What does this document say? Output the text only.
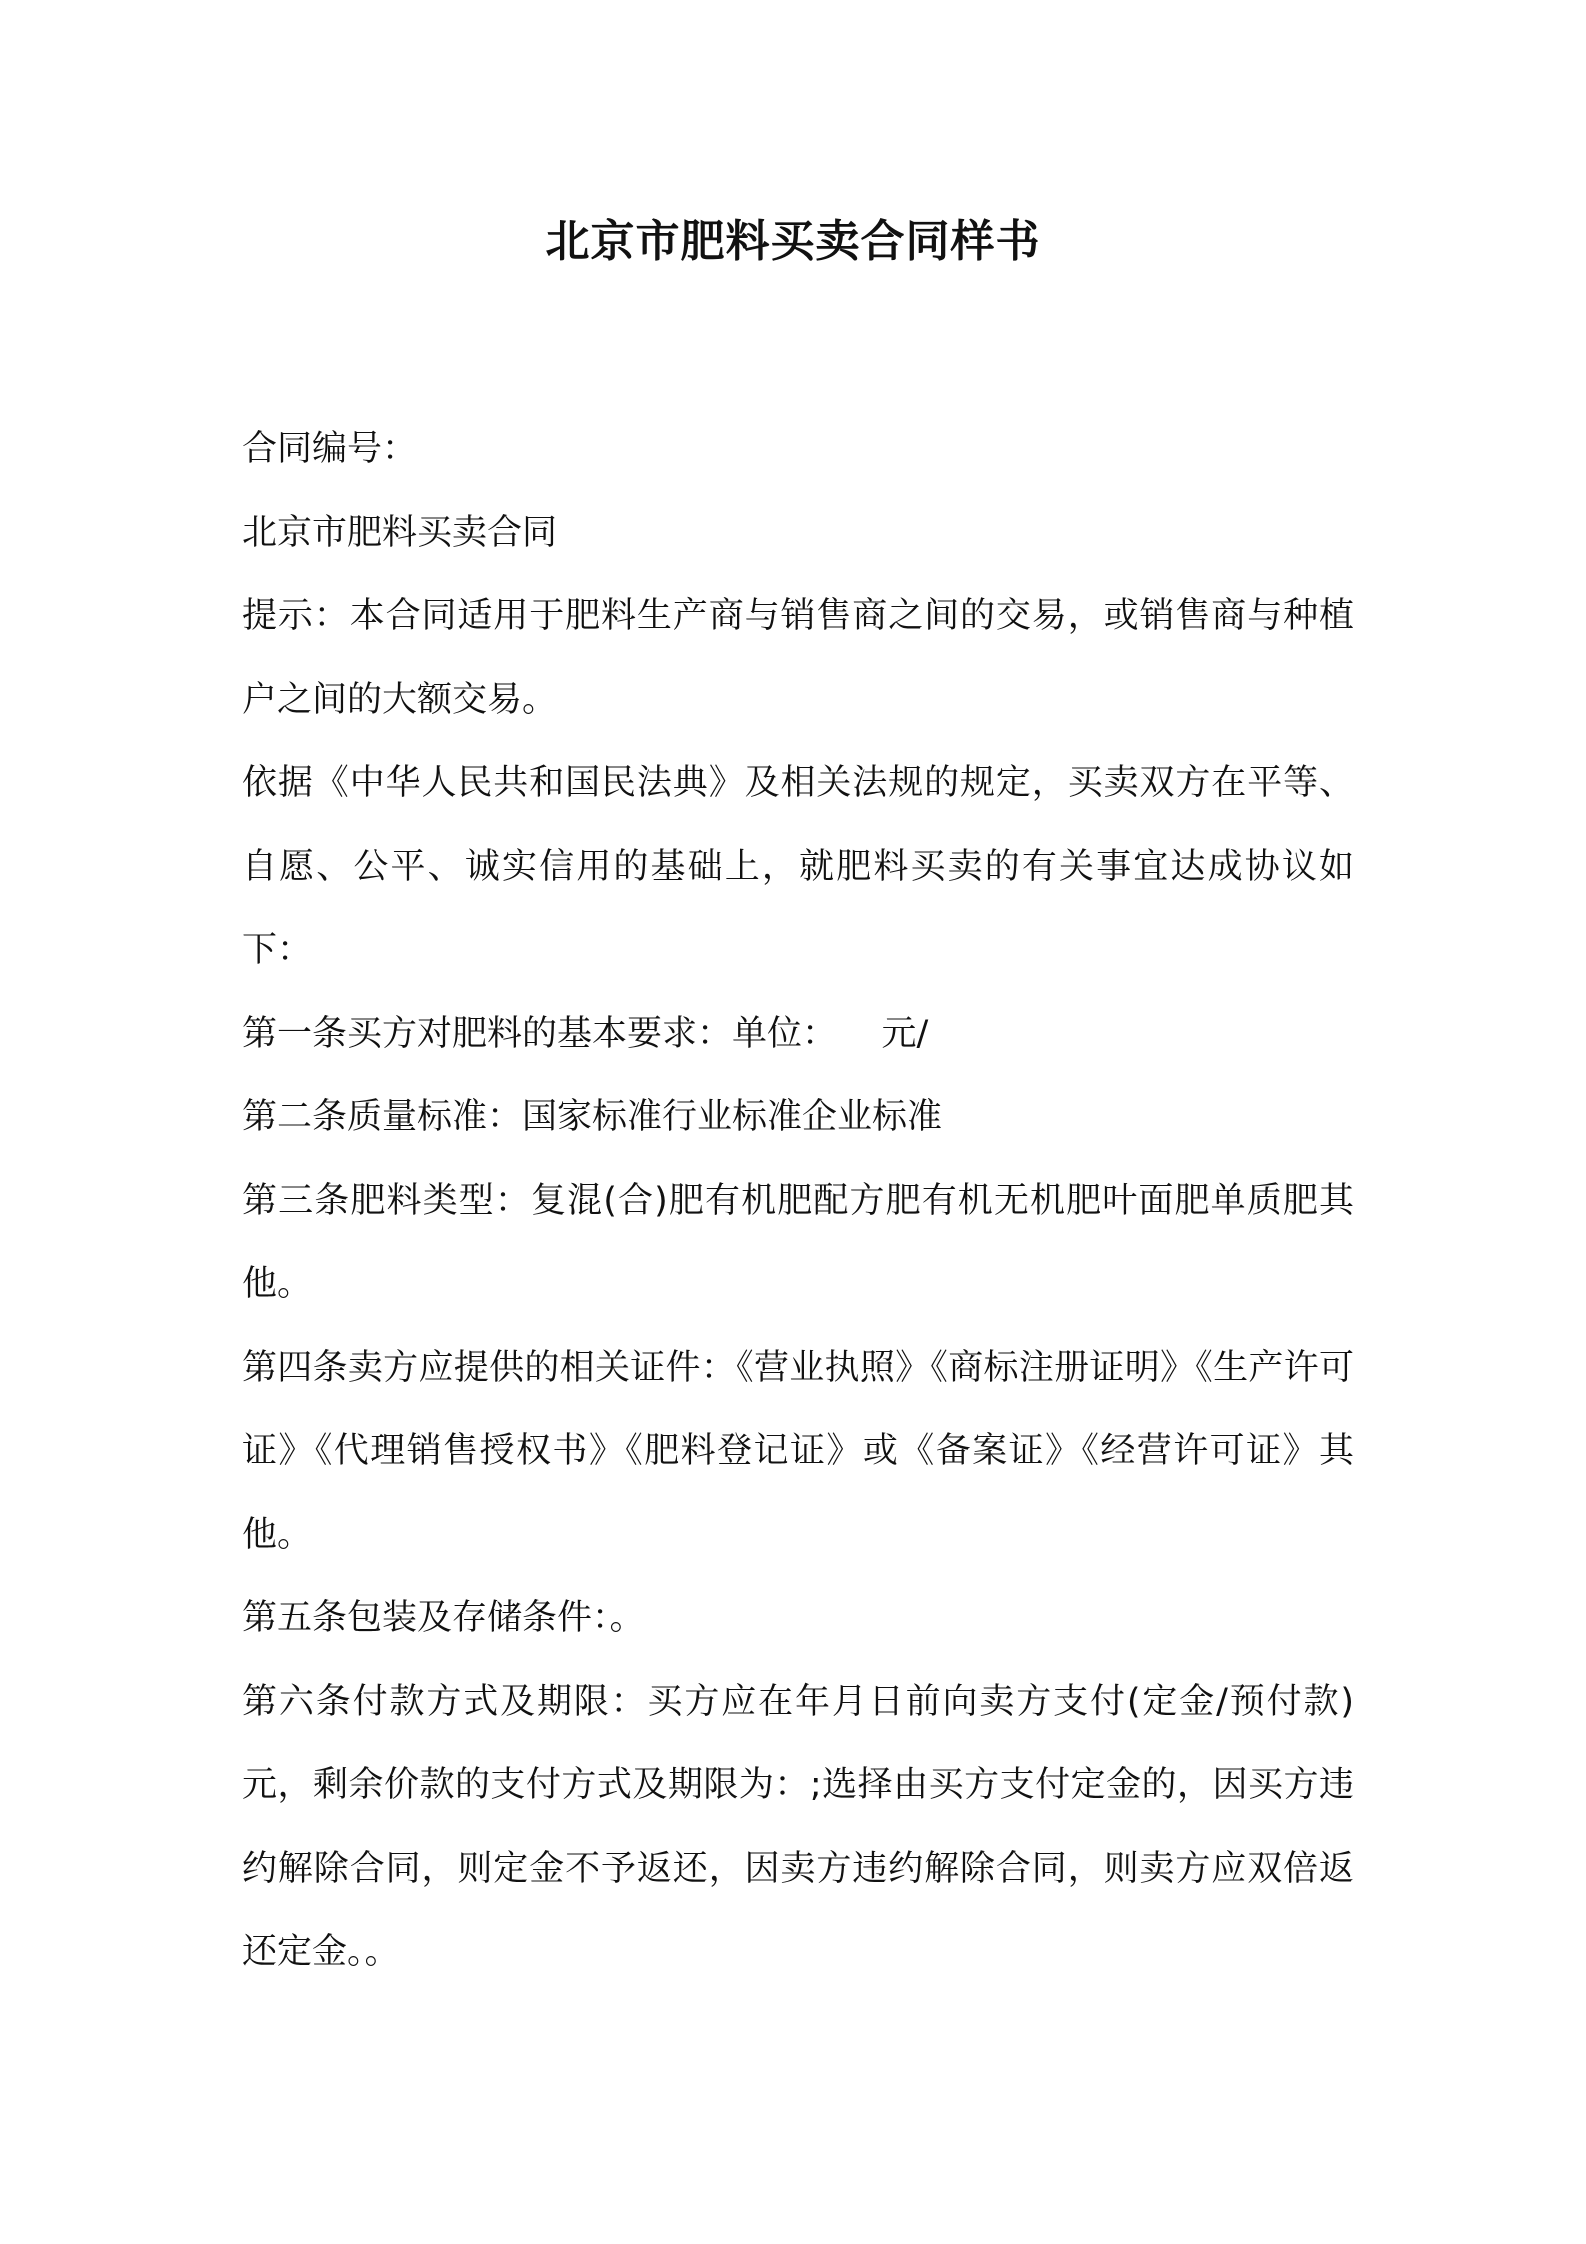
北京市肥料买卖合同样书

合同编号：

北京市肥料买卖合同

提示：本合同适用于肥料生产商与销售商之间的交易，或销售商与种植户之间的大额交易。

依据《中华人民共和国民法典》及相关法规的规定，买卖双方在平等、自愿、公平、诚实信用的基础上，就肥料买卖的有关事宜达成协议如下：

第一条买方对肥料的基本要求：单位：    元/

第二条质量标准：国家标准行业标准企业标准

第三条肥料类型：复混(合)肥有机肥配方肥有机无机肥叶面肥单质肥其他。

第四条卖方应提供的相关证件：《营业执照》《商标注册证明》《生产许可证》《代理销售授权书》《肥料登记证》或《备案证》《经营许可证》其他。

第五条包装及存储条件：。

第六条付款方式及期限：买方应在年月日前向卖方支付(定金/预付款)元，剩余价款的支付方式及期限为：;选择由买方支付定金的，因买方违约解除合同，则定金不予返还，因卖方违约解除合同，则卖方应双倍返还定金。。
